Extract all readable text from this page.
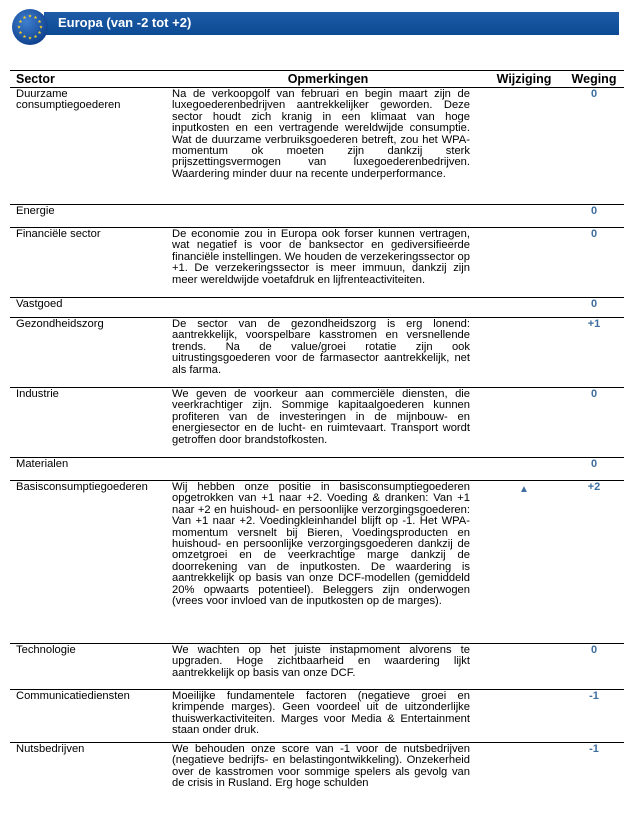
Europa (van -2 tot +2)
Sector	Opmerkingen	Wijziging	Weging
Duurzame consumptiegoederen	Na de verkoopgolf van februari en begin maart zijn de luxegoederenbedrijven aantrekkelijker geworden. Deze sector houdt zich kranig in een klimaat van hoge inputkosten en een vertragende wereldwijde consumptie. Wat de duurzame verbruiksgoederen betreft, zou het WPA-momentum ok moeten zijn dankzij sterk prijszettingsvermogen van luxegoederenbedrijven. Waardering minder duur na recente underperformance.		0
Energie			0
Financiële sector	De economie zou in Europa ook forser kunnen vertragen, wat negatief is voor de banksector en gediversifieerde financiële instellingen. We houden de verzekeringssector op +1. De verzekeringssector is meer immuun, dankzij zijn meer wereldwijde voetafdruk en lijfrenteactiviteiten.		0
Vastgoed			0
Gezondheidszorg	De sector van de gezondheidszorg is erg lonend: aantrekkelijk, voorspelbare kasstromen en versnellende trends. Na de value/groei rotatie zijn ook uitrustingsgoederen voor de farmasector aantrekkelijk, net als farma.		+1
Industrie	We geven de voorkeur aan commerciële diensten, die veerkrachtiger zijn. Sommige kapitaalgoederen kunnen profiteren van de investeringen in de mijnbouw- en energiesector en de lucht- en ruimtevaart. Transport wordt getroffen door brandstofkosten.		0
Materialen			0
Basisconsumptiegoederen	Wij hebben onze positie in basisconsumptiegoederen opgetrokken van +1 naar +2. Voeding & dranken: Van +1 naar +2 en huishoud- en persoonlijke verzorgingsgoederen: Van +1 naar +2. Voedingkleinhandel blijft op -1. Het WPA-momentum versnelt bij Bieren, Voedingsproducten en huishoud- en persoonlijke verzorgingsgoederen dankzij de omzetgroei en de veerkrachtige marge dankzij de doorrekening van de inputkosten. De waardering is aantrekkelijk op basis van onze DCF-modellen (gemiddeld 20% opwaarts potentieel). Beleggers zijn onderwogen (vrees voor invloed van de inputkosten op de marges).	▲	+2
Technologie	We wachten op het juiste instapmoment alvorens te upgraden. Hoge zichtbaarheid en waardering lijkt aantrekkelijk op basis van onze DCF.		0
Communicatiediensten	Moeilijke fundamentele factoren (negatieve groei en krimpende marges). Geen voordeel uit de uitzonderlijke thuiswerkactiviteiten. Marges voor Media & Entertainment staan onder druk.		-1
Nutsbedrijven	We behouden onze score van -1 voor de nutsbedrijven (negatieve bedrijfs- en belastingontwikkeling). Onzekerheid over de kasstromen voor sommige spelers als gevolg van de crisis in Rusland. Erg hoge schulden		-1
